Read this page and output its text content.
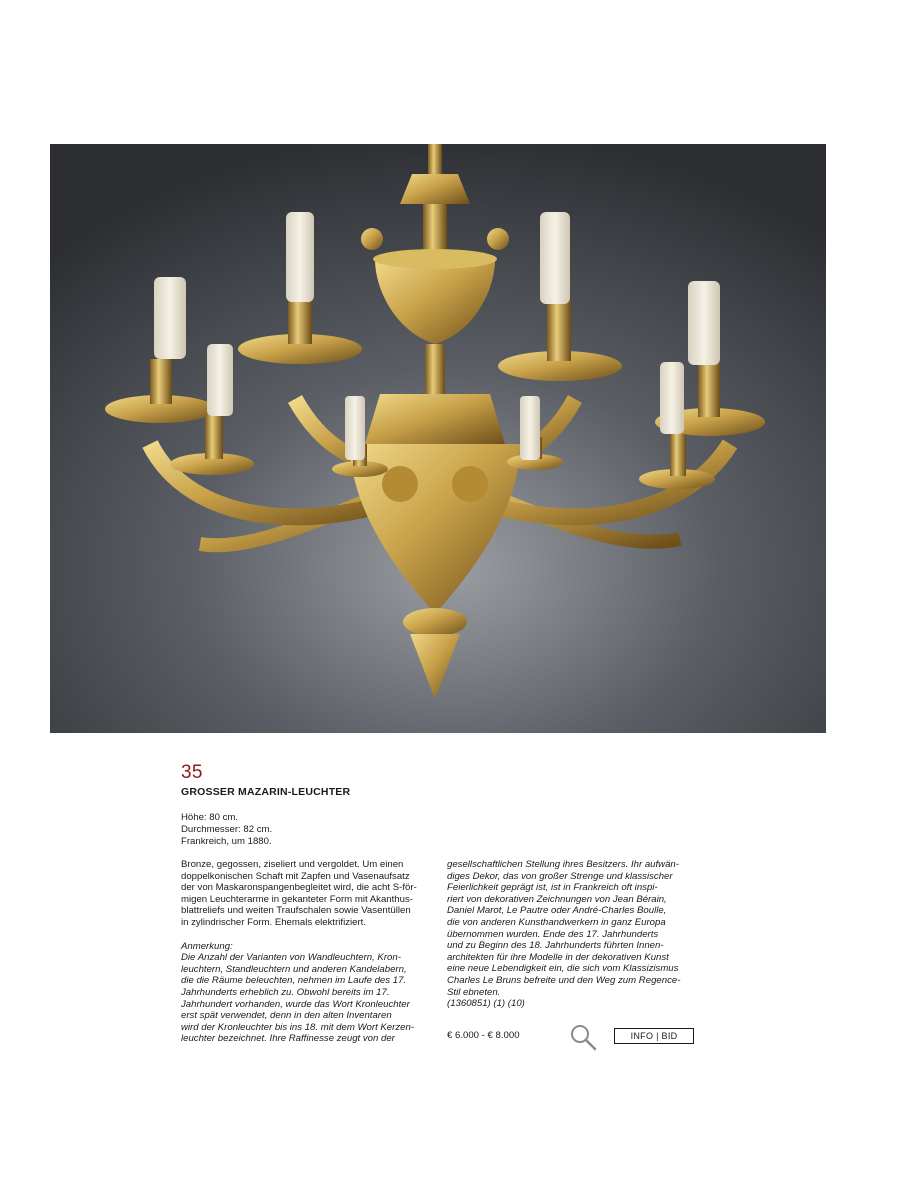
35
GROSSER MAZARIN-LEUCHTER
Höhe: 80 cm.
Durchmesser: 82 cm.
Frankreich, um 1880.
Bronze, gegossen, ziseliert und vergoldet. Um einen
doppelkonischen Schaft mit Zapfen und Vasenaufsatz
der von Maskaronspangenbegleitet wird, die acht S-för-
migen Leuchterarme in gekanteter Form mit Akanthus-
blattreliefs und weiten Traufschalen sowie Vasentüllen
in zylindrischer Form. Ehemals elektrifiziert.
Anmerkung:
Die Anzahl der Varianten von Wandleuchtern, Kron-
leuchtern, Standleuchtern und anderen Kandelabern,
die die Räume beleuchten, nehmen im Laufe des 17.
Jahrhunderts erheblich zu. Obwohl bereits im 17.
Jahrhundert vorhanden, wurde das Wort Kronleuchter
erst spät verwendet, denn in den alten Inventaren
wird der Kronleuchter bis ins 18. mit dem Wort Kerzen-
leuchter bezeichnet. Ihre Raffinesse zeugt von der
gesellschaftlichen Stellung ihres Besitzers. Ihr aufwän-
diges Dekor, das von großer Strenge und klassischer
Feierlichkeit geprägt ist, ist in Frankreich oft inspi-
riert von dekorativen Zeichnungen von Jean Bérain,
Daniel Marot, Le Pautre oder André-Charles Boulle,
die von anderen Kunsthandwerkern in ganz Europa
übernommen wurden. Ende des 17. Jahrhunderts
und zu Beginn des 18. Jahrhunderts führten Innen-
architekten für ihre Modelle in der dekorativen Kunst
eine neue Lebendigkeit ein, die sich vom Klassizismus
Charles Le Bruns befreite und den Weg zum Regence-
Stil ebneten.
(1360851) (1) (10)
€ 6.000 - € 8.000	INFO | BID
